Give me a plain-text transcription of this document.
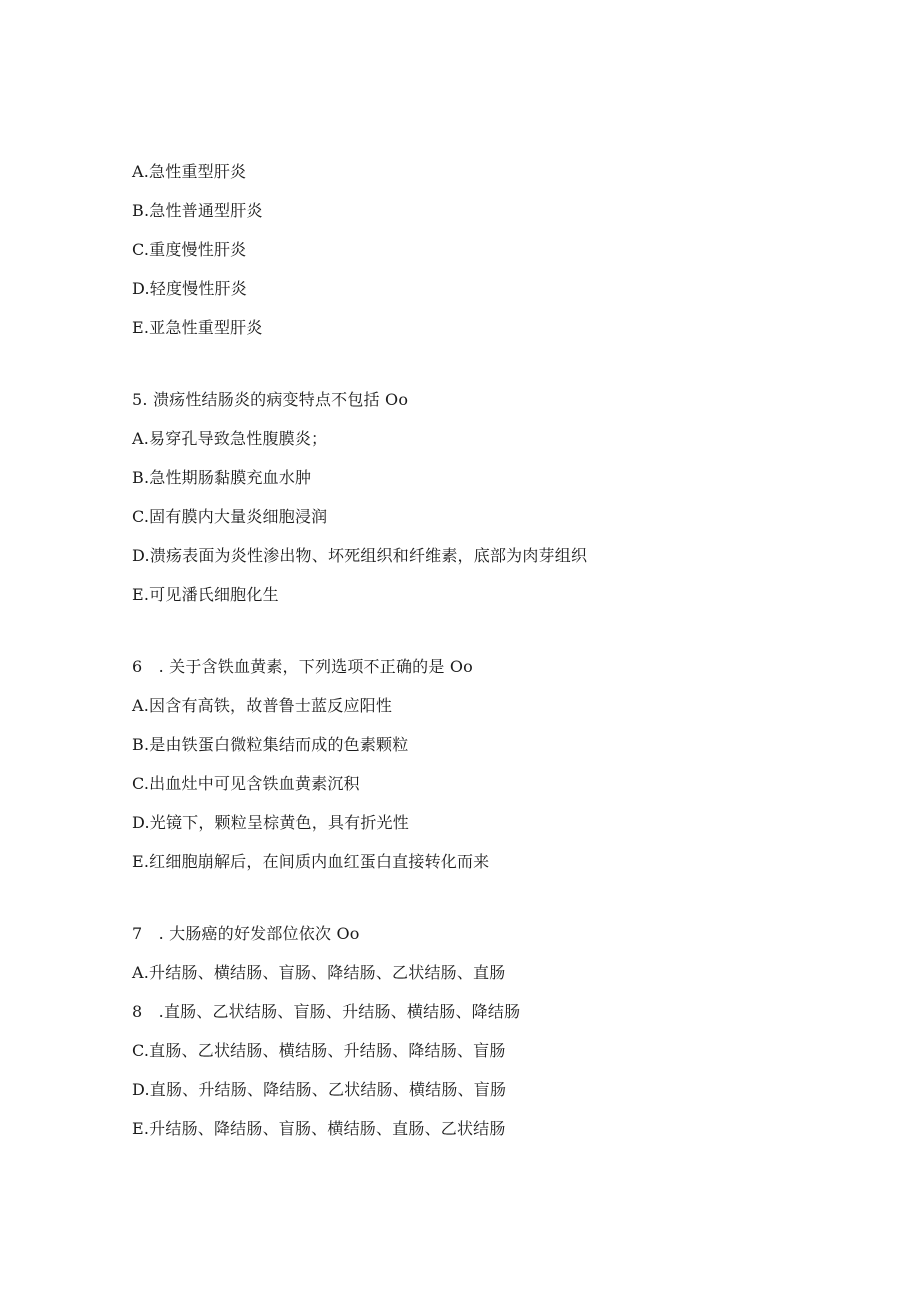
A.急性重型肝炎
B.急性普通型肝炎
C.重度慢性肝炎
D.轻度慢性肝炎
E.亚急性重型肝炎
5. 溃疡性结肠炎的病变特点不包括 Oo
A.易穿孔导致急性腹膜炎；
B.急性期肠黏膜充血水肿
C.固有膜内大量炎细胞浸润
D.溃疡表面为炎性渗出物、坏死组织和纤维素，底部为肉芽组织
E.可见潘氏细胞化生
6　. 关于含铁血黄素，下列选项不正确的是 Oo
A.因含有高铁，故普鲁士蓝反应阳性
B.是由铁蛋白微粒集结而成的色素颗粒
C.出血灶中可见含铁血黄素沉积
D.光镜下，颗粒呈棕黄色，具有折光性
E.红细胞崩解后，在间质内血红蛋白直接转化而来
7　. 大肠癌的好发部位依次 Oo
A.升结肠、横结肠、盲肠、降结肠、乙状结肠、直肠
8　.直肠、乙状结肠、盲肠、升结肠、横结肠、降结肠
C.直肠、乙状结肠、横结肠、升结肠、降结肠、盲肠
D.直肠、升结肠、降结肠、乙状结肠、横结肠、盲肠
E.升结肠、降结肠、盲肠、横结肠、直肠、乙状结肠
